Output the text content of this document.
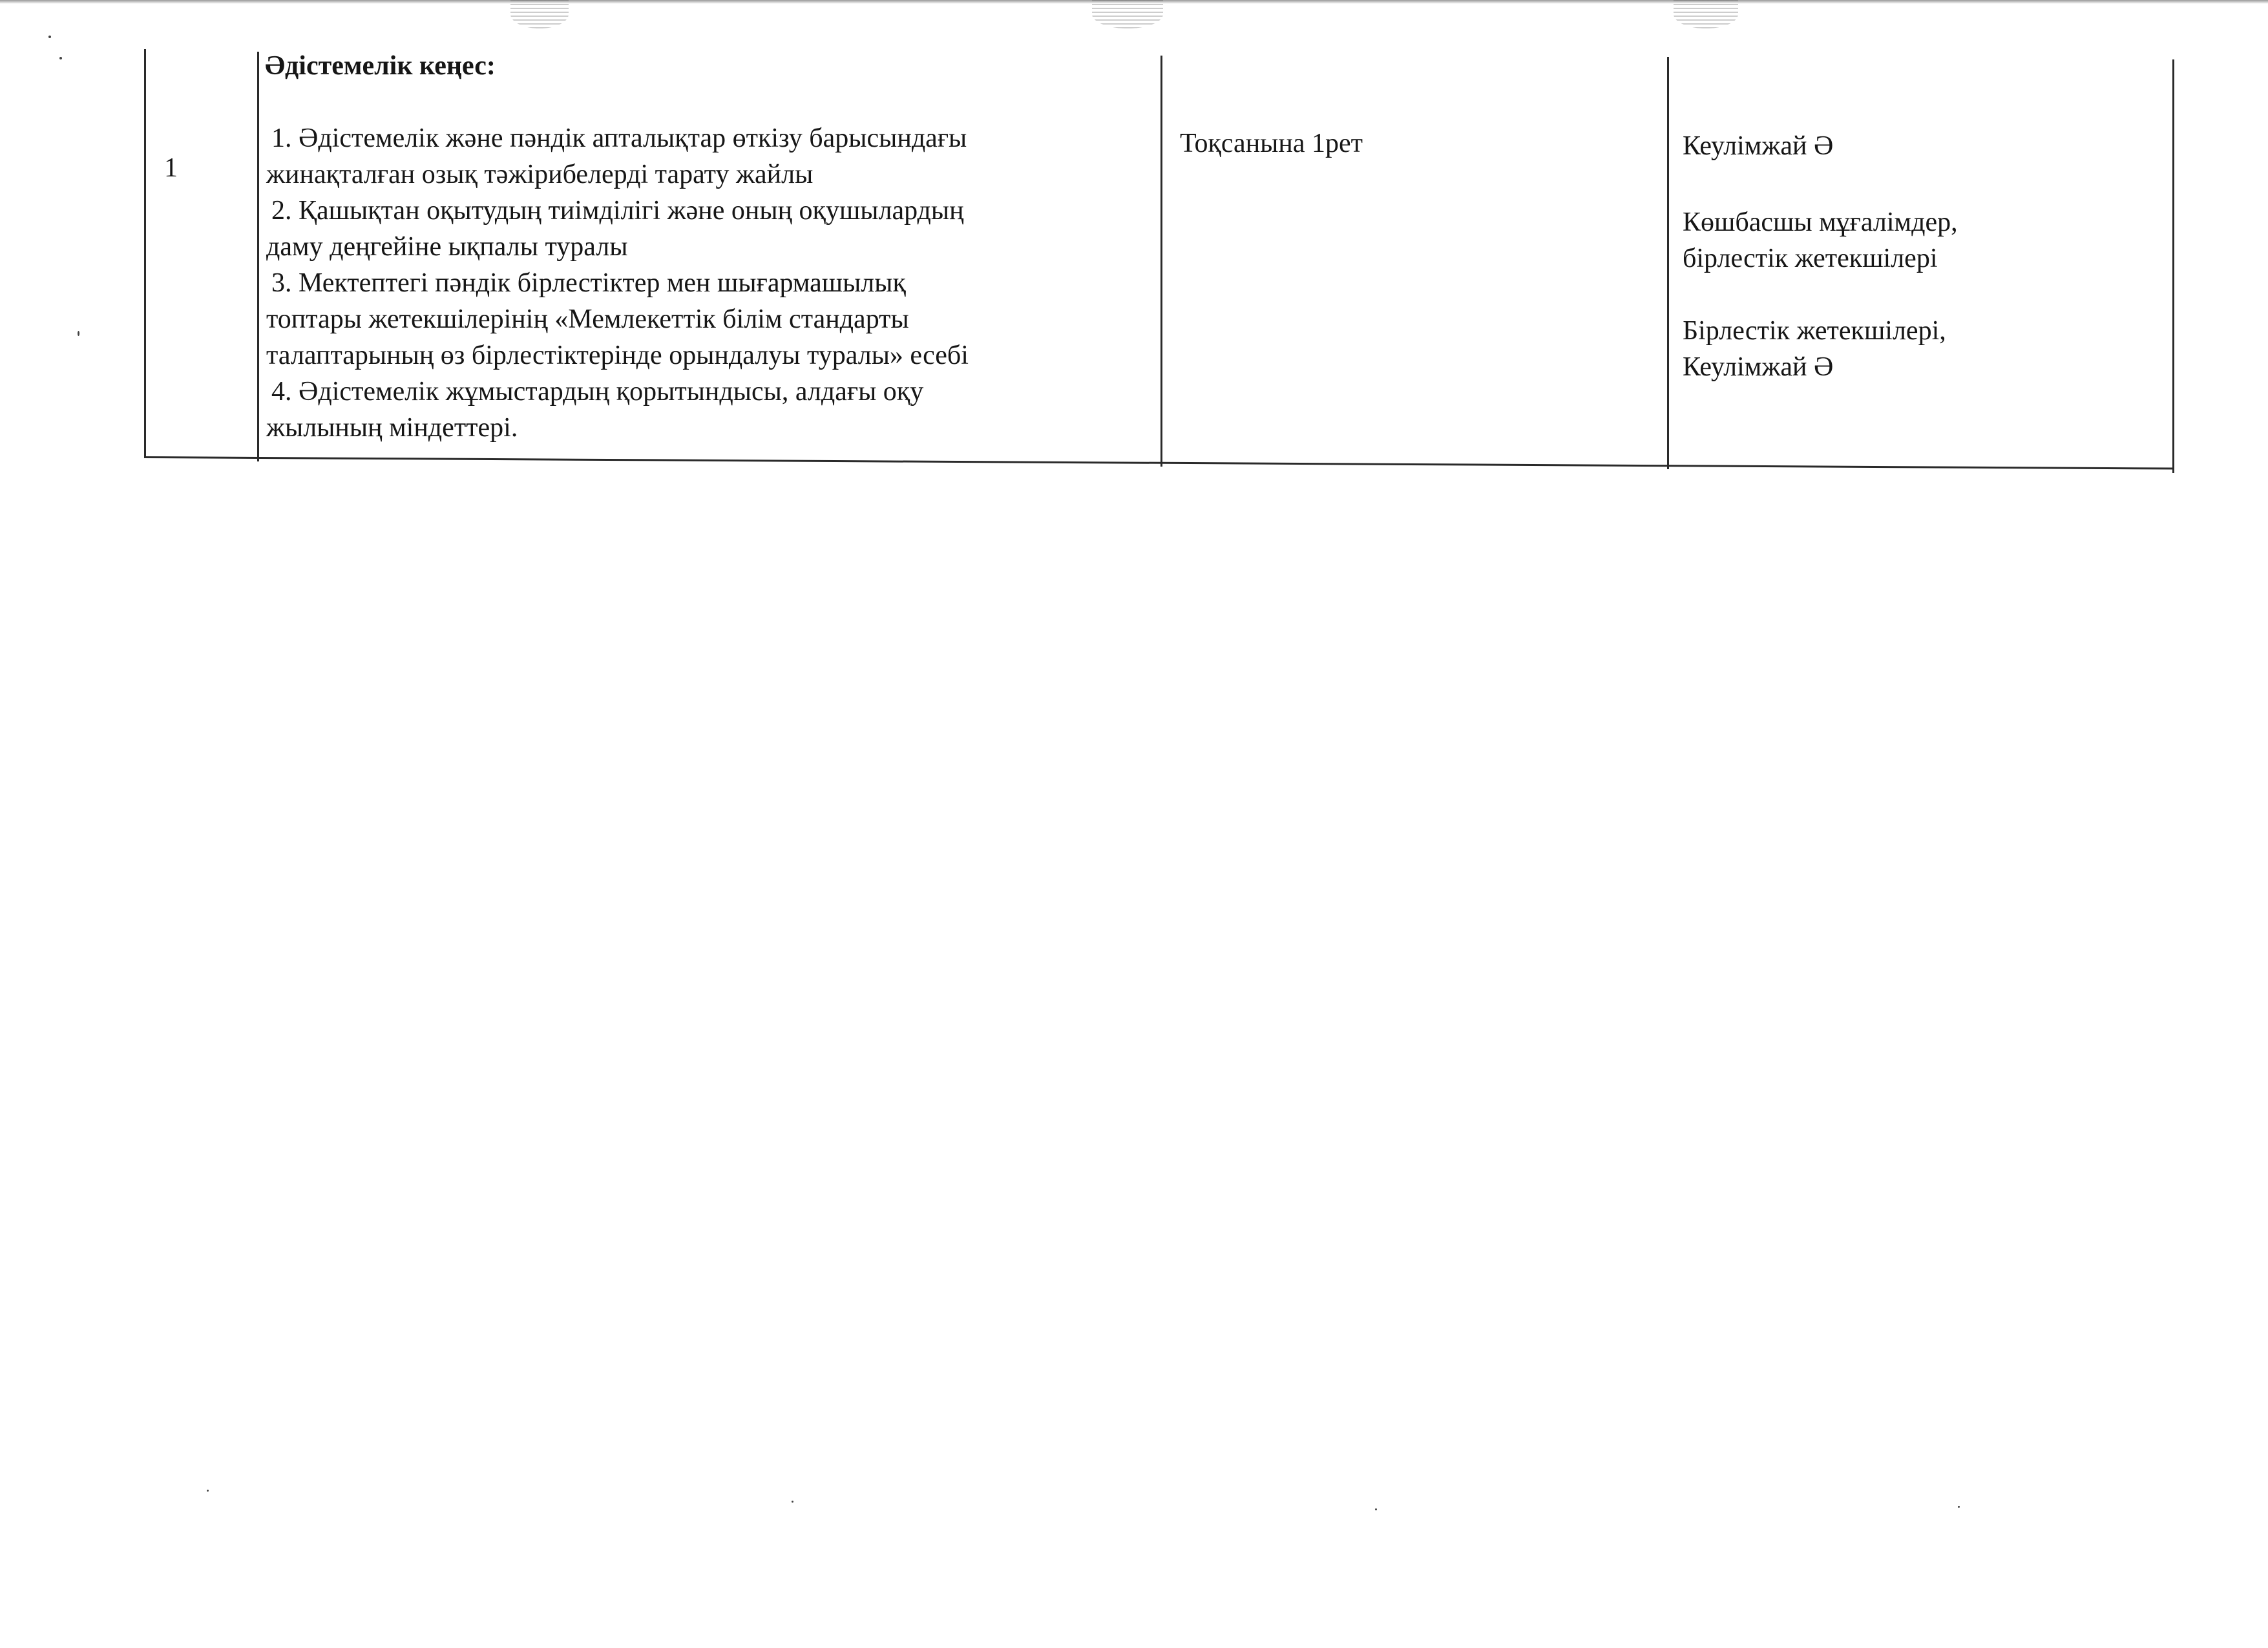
1

Әдістемелік кеңес:

1. Әдістемелік және пәндік апталықтар өткізу барысындағы

жинақталған озық тәжірибелерді тарату жайлы

2. Қашықтан оқытудың тиімділігі және оның оқушылардың

даму деңгейіне ықпалы туралы

3. Мектептегі пәндік бірлестіктер мен шығармашылық

топтары жетекшілерінің «Мемлекеттік білім стандарты

талаптарының өз бірлестіктерінде орындалуы туралы» есебі

4. Әдістемелік жұмыстардың қорытындысы, алдағы оқу

жылының міндеттері.

Тоқсанына 1рет	Кеулімжай Ә

Көшбасшы мұғалімдер,

бірлестік жетекшілері

Бірлестік жетекшілері,

Кеулімжай Ә
